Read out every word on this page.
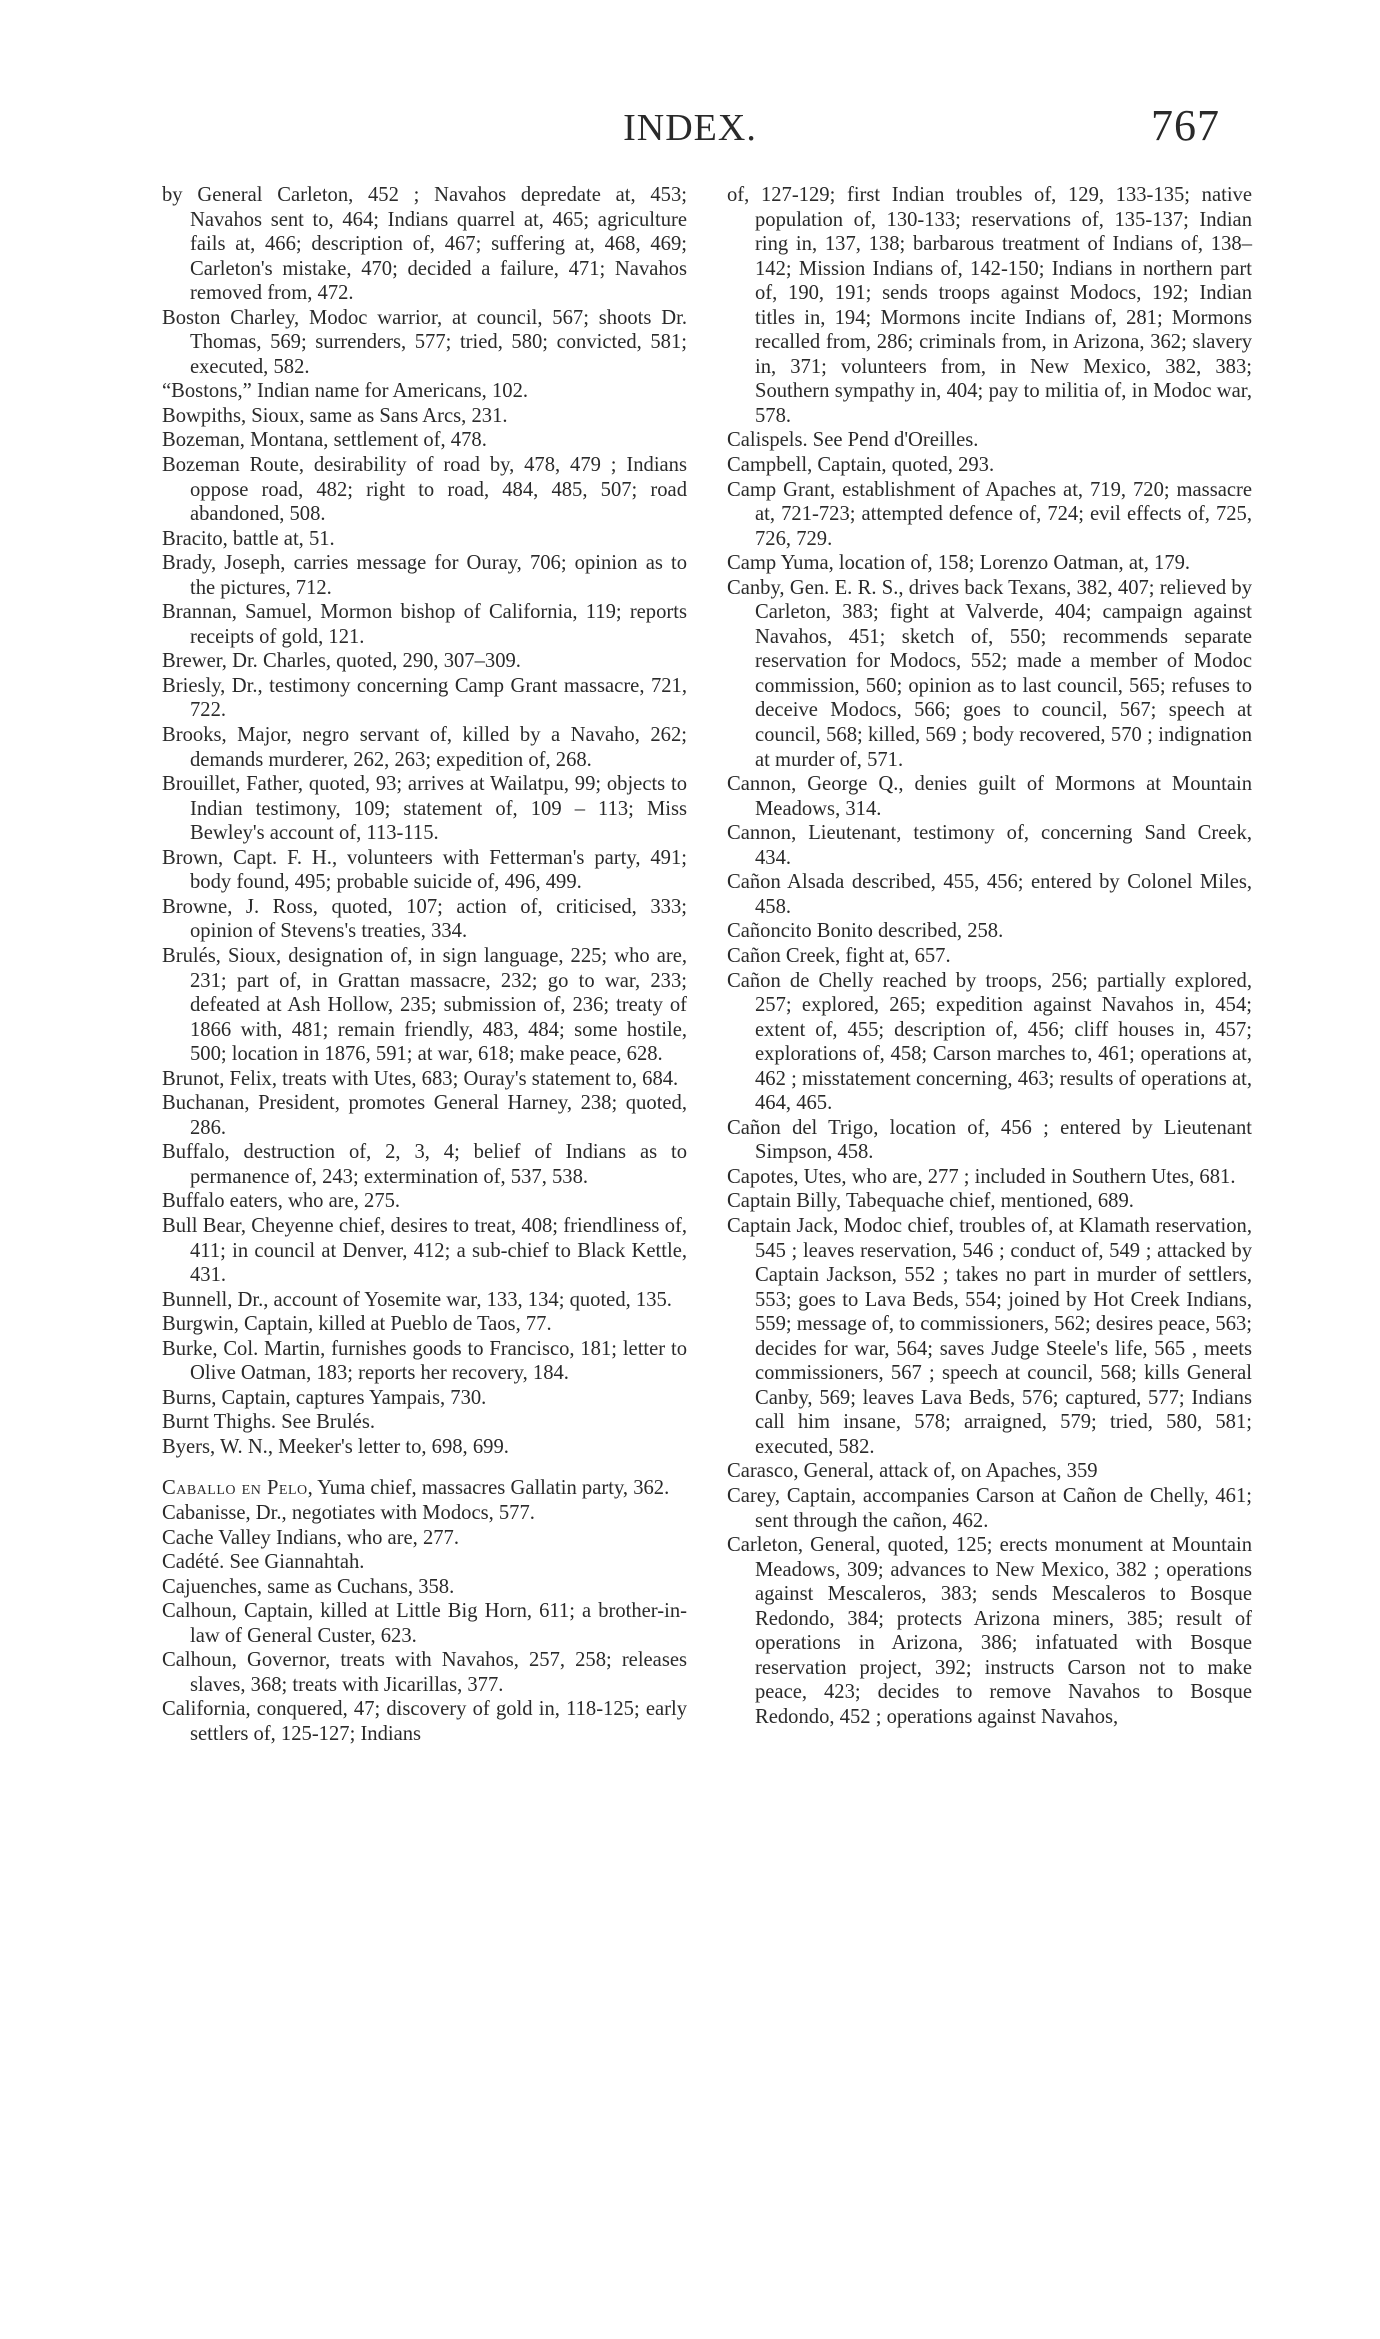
INDEX.	767

by General Carleton, 452 ; Navahos depredate at, 453; Navahos sent to, 464; Indians quarrel at, 465; agriculture fails at, 466; description of, 467; suffering at, 468, 469; Carleton's mistake, 470; decided a failure, 471; Navahos removed from, 472.

Boston Charley, Modoc warrior, at council, 567; shoots Dr. Thomas, 569; surrenders, 577; tried, 580; convicted, 581; executed, 582.

“Bostons,” Indian name for Americans, 102.

Bowpiths, Sioux, same as Sans Arcs, 231.

Bozeman, Montana, settlement of, 478.

Bozeman Route, desirability of road by, 478, 479 ; Indians oppose road, 482; right to road, 484, 485, 507; road abandoned, 508.

Bracito, battle at, 51.

Brady, Joseph, carries message for Ouray, 706; opinion as to the pictures, 712.

Brannan, Samuel, Mormon bishop of California, 119; reports receipts of gold, 121.

Brewer, Dr. Charles, quoted, 290, 307–309.

Briesly, Dr., testimony concerning Camp Grant massacre, 721, 722.

Brooks, Major, negro servant of, killed by a Navaho, 262; demands murderer, 262, 263; expedition of, 268.

Brouillet, Father, quoted, 93; arrives at Wailatpu, 99; objects to Indian testimony, 109; statement of, 109 – 113; Miss Bewley's account of, 113-115.

Brown, Capt. F. H., volunteers with Fetterman's party, 491; body found, 495; probable suicide of, 496, 499.

Browne, J. Ross, quoted, 107; action of, criticised, 333; opinion of Stevens's treaties, 334.

Brulés, Sioux, designation of, in sign language, 225; who are, 231; part of, in Grattan massacre, 232; go to war, 233; defeated at Ash Hollow, 235; submission of, 236; treaty of 1866 with, 481; remain friendly, 483, 484; some hostile, 500; location in 1876, 591; at war, 618; make peace, 628.

Brunot, Felix, treats with Utes, 683; Ouray's statement to, 684.

Buchanan, President, promotes General Harney, 238; quoted, 286.

Buffalo, destruction of, 2, 3, 4; belief of Indians as to permanence of, 243; extermination of, 537, 538.

Buffalo eaters, who are, 275.

Bull Bear, Cheyenne chief, desires to treat, 408; friendliness of, 411; in council at Denver, 412; a sub-chief to Black Kettle, 431.

Bunnell, Dr., account of Yosemite war, 133, 134; quoted, 135.

Burgwin, Captain, killed at Pueblo de Taos, 77.

Burke, Col. Martin, furnishes goods to Francisco, 181; letter to Olive Oatman, 183; reports her recovery, 184.

Burns, Captain, captures Yampais, 730.

Burnt Thighs. See Brulés.

Byers, W. N., Meeker's letter to, 698, 699.

Caballo en Pelo, Yuma chief, massacres Gallatin party, 362.

Cabanisse, Dr., negotiates with Modocs, 577.

Cache Valley Indians, who are, 277.

Cadété. See Giannahtah.

Cajuenches, same as Cuchans, 358.

Calhoun, Captain, killed at Little Big Horn, 611; a brother-in-law of General Custer, 623.

Calhoun, Governor, treats with Navahos, 257, 258; releases slaves, 368; treats with Jicarillas, 377.

California, conquered, 47; discovery of gold in, 118-125; early settlers of, 125-127; Indians

of, 127-129; first Indian troubles of, 129, 133-135; native population of, 130-133; reservations of, 135-137; Indian ring in, 137, 138; barbarous treatment of Indians of, 138–142; Mission Indians of, 142-150; Indians in northern part of, 190, 191; sends troops against Modocs, 192; Indian titles in, 194; Mormons incite Indians of, 281; Mormons recalled from, 286; criminals from, in Arizona, 362; slavery in, 371; volunteers from, in New Mexico, 382, 383; Southern sympathy in, 404; pay to militia of, in Modoc war, 578.

Calispels. See Pend d'Oreilles.

Campbell, Captain, quoted, 293.

Camp Grant, establishment of Apaches at, 719, 720; massacre at, 721-723; attempted defence of, 724; evil effects of, 725, 726, 729.

Camp Yuma, location of, 158; Lorenzo Oatman, at, 179.

Canby, Gen. E. R. S., drives back Texans, 382, 407; relieved by Carleton, 383; fight at Valverde, 404; campaign against Navahos, 451; sketch of, 550; recommends separate reservation for Modocs, 552; made a member of Modoc commission, 560; opinion as to last council, 565; refuses to deceive Modocs, 566; goes to council, 567; speech at council, 568; killed, 569 ; body recovered, 570 ; indignation at murder of, 571.

Cannon, George Q., denies guilt of Mormons at Mountain Meadows, 314.

Cannon, Lieutenant, testimony of, concerning Sand Creek, 434.

Cañon Alsada described, 455, 456; entered by Colonel Miles, 458.

Cañoncito Bonito described, 258.

Cañon Creek, fight at, 657.

Cañon de Chelly reached by troops, 256; partially explored, 257; explored, 265; expedition against Navahos in, 454; extent of, 455; description of, 456; cliff houses in, 457; explorations of, 458; Carson marches to, 461; operations at, 462 ; misstatement concerning, 463; results of operations at, 464, 465.

Cañon del Trigo, location of, 456 ; entered by Lieutenant Simpson, 458.

Capotes, Utes, who are, 277 ; included in Southern Utes, 681.

Captain Billy, Tabequache chief, mentioned, 689.

Captain Jack, Modoc chief, troubles of, at Klamath reservation, 545 ; leaves reservation, 546 ; conduct of, 549 ; attacked by Captain Jackson, 552 ; takes no part in murder of settlers, 553; goes to Lava Beds, 554; joined by Hot Creek Indians, 559; message of, to commissioners, 562; desires peace, 563; decides for war, 564; saves Judge Steele's life, 565 , meets commissioners, 567 ; speech at council, 568; kills General Canby, 569; leaves Lava Beds, 576; captured, 577; Indians call him insane, 578; arraigned, 579; tried, 580, 581; executed, 582.

Carasco, General, attack of, on Apaches, 359

Carey, Captain, accompanies Carson at Cañon de Chelly, 461; sent through the cañon, 462.

Carleton, General, quoted, 125; erects monument at Mountain Meadows, 309; advances to New Mexico, 382 ; operations against Mescaleros, 383; sends Mescaleros to Bosque Redondo, 384; protects Arizona miners, 385; result of operations in Arizona, 386; infatuated with Bosque reservation project, 392; instructs Carson not to make peace, 423; decides to remove Navahos to Bosque Redondo, 452 ; operations against Navahos,
